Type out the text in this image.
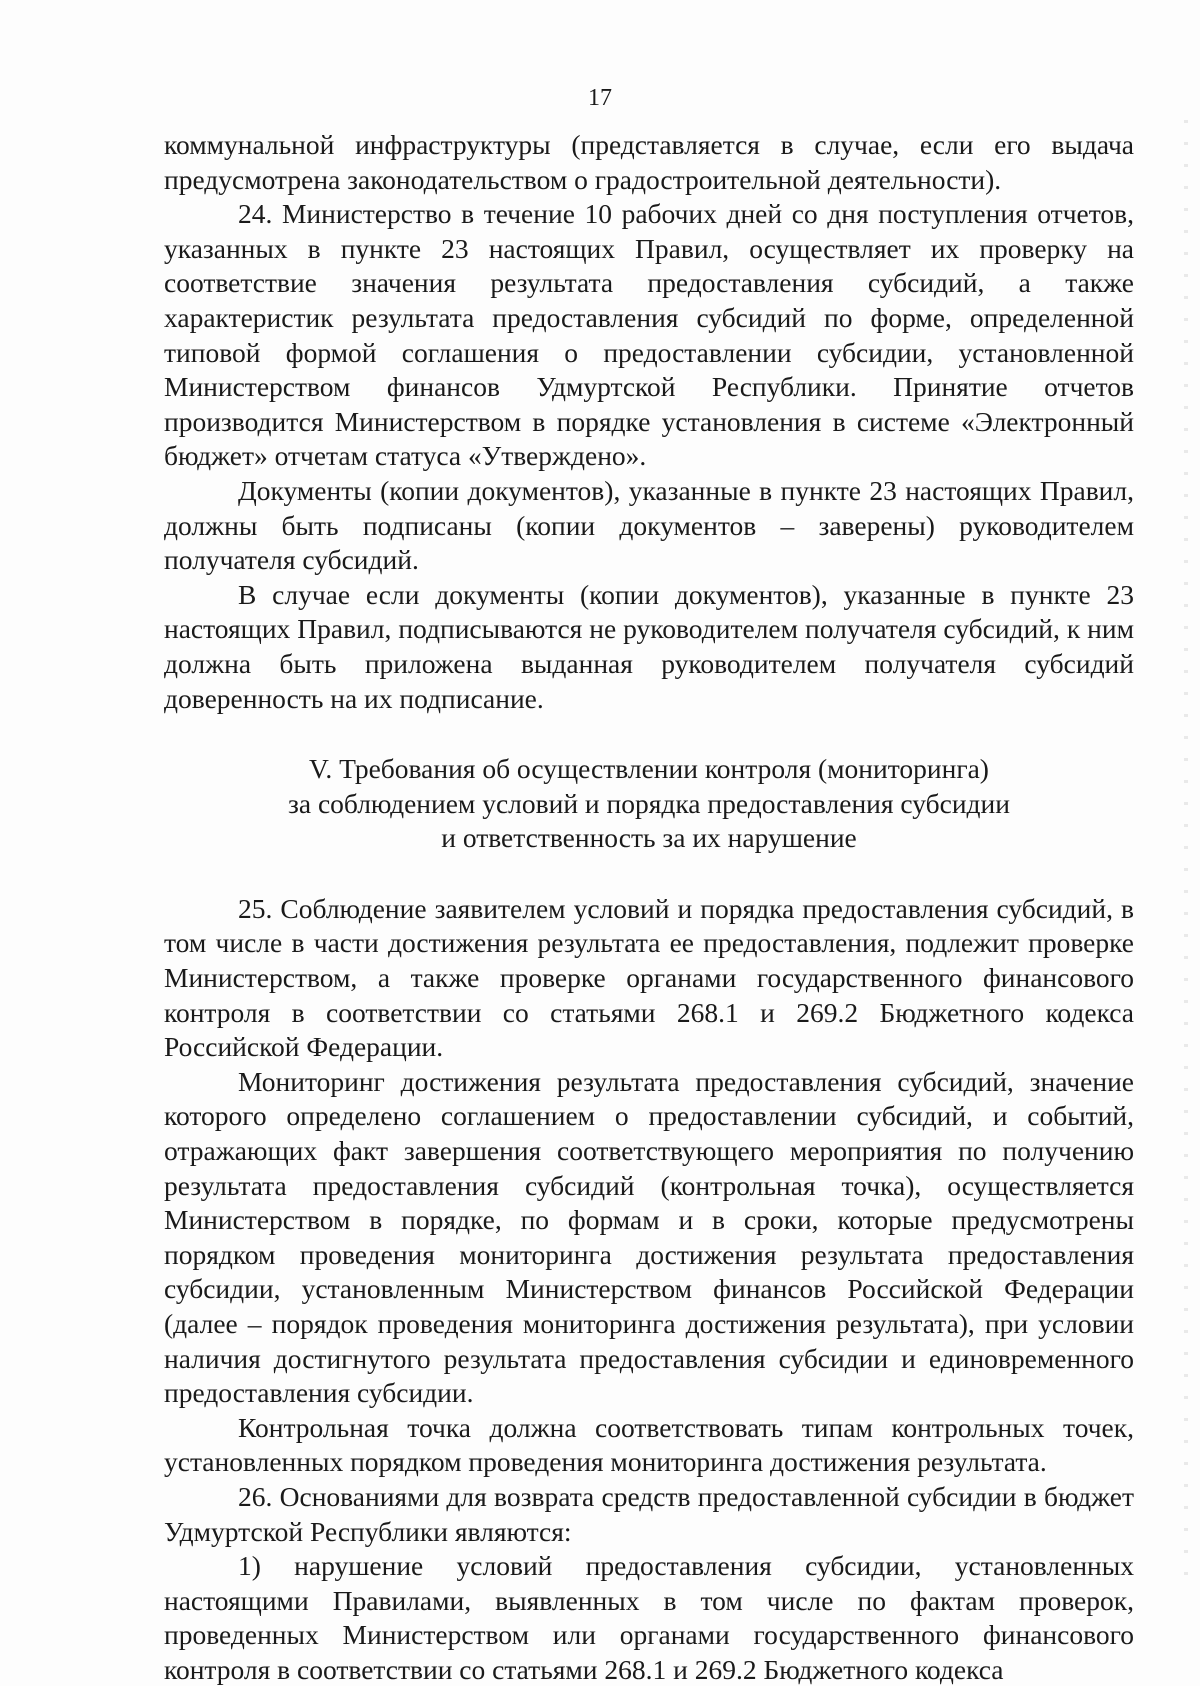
17

коммунальной инфраструктуры (представляется в случае, если его выдача предусмотрена законодательством о градостроительной деятельности).

24. Министерство в течение 10 рабочих дней со дня поступления отчетов, указанных в пункте 23 настоящих Правил, осуществляет их проверку на соответствие значения результата предоставления субсидий, а также характеристик результата предоставления субсидий по форме, определенной типовой формой соглашения о предоставлении субсидии, установленной Министерством финансов Удмуртской Республики. Принятие отчетов производится Министерством в порядке установления в системе «Электронный бюджет» отчетам статуса «Утверждено».

Документы (копии документов), указанные в пункте 23 настоящих Правил, должны быть подписаны (копии документов – заверены) руководителем получателя субсидий.

В случае если документы (копии документов), указанные в пункте 23 настоящих Правил, подписываются не руководителем получателя субсидий, к ним должна быть приложена выданная руководителем получателя субсидий доверенность на их подписание.

V. Требования об осуществлении контроля (мониторинга)
за соблюдением условий и порядка предоставления субсидии
и ответственность за их нарушение

25. Соблюдение заявителем условий и порядка предоставления субсидий, в том числе в части достижения результата ее предоставления, подлежит проверке Министерством, а также проверке органами государственного финансового контроля в соответствии со статьями 268.1 и 269.2 Бюджетного кодекса Российской Федерации.

Мониторинг достижения результата предоставления субсидий, значение которого определено соглашением о предоставлении субсидий, и событий, отражающих факт завершения соответствующего мероприятия по получению результата предоставления субсидий (контрольная точка), осуществляется Министерством в порядке, по формам и в сроки, которые предусмотрены порядком проведения мониторинга достижения результата предоставления субсидии, установленным Министерством финансов Российской Федерации (далее – порядок проведения мониторинга достижения результата), при условии наличия достигнутого результата предоставления субсидии и единовременного предоставления субсидии.

Контрольная точка должна соответствовать типам контрольных точек, установленных порядком проведения мониторинга достижения результата.

26. Основаниями для возврата средств предоставленной субсидии в бюджет Удмуртской Республики являются:

1) нарушение условий предоставления субсидии, установленных настоящими Правилами, выявленных в том числе по фактам проверок, проведенных Министерством или органами государственного финансового контроля в соответствии со статьями 268.1 и 269.2 Бюджетного кодекса
